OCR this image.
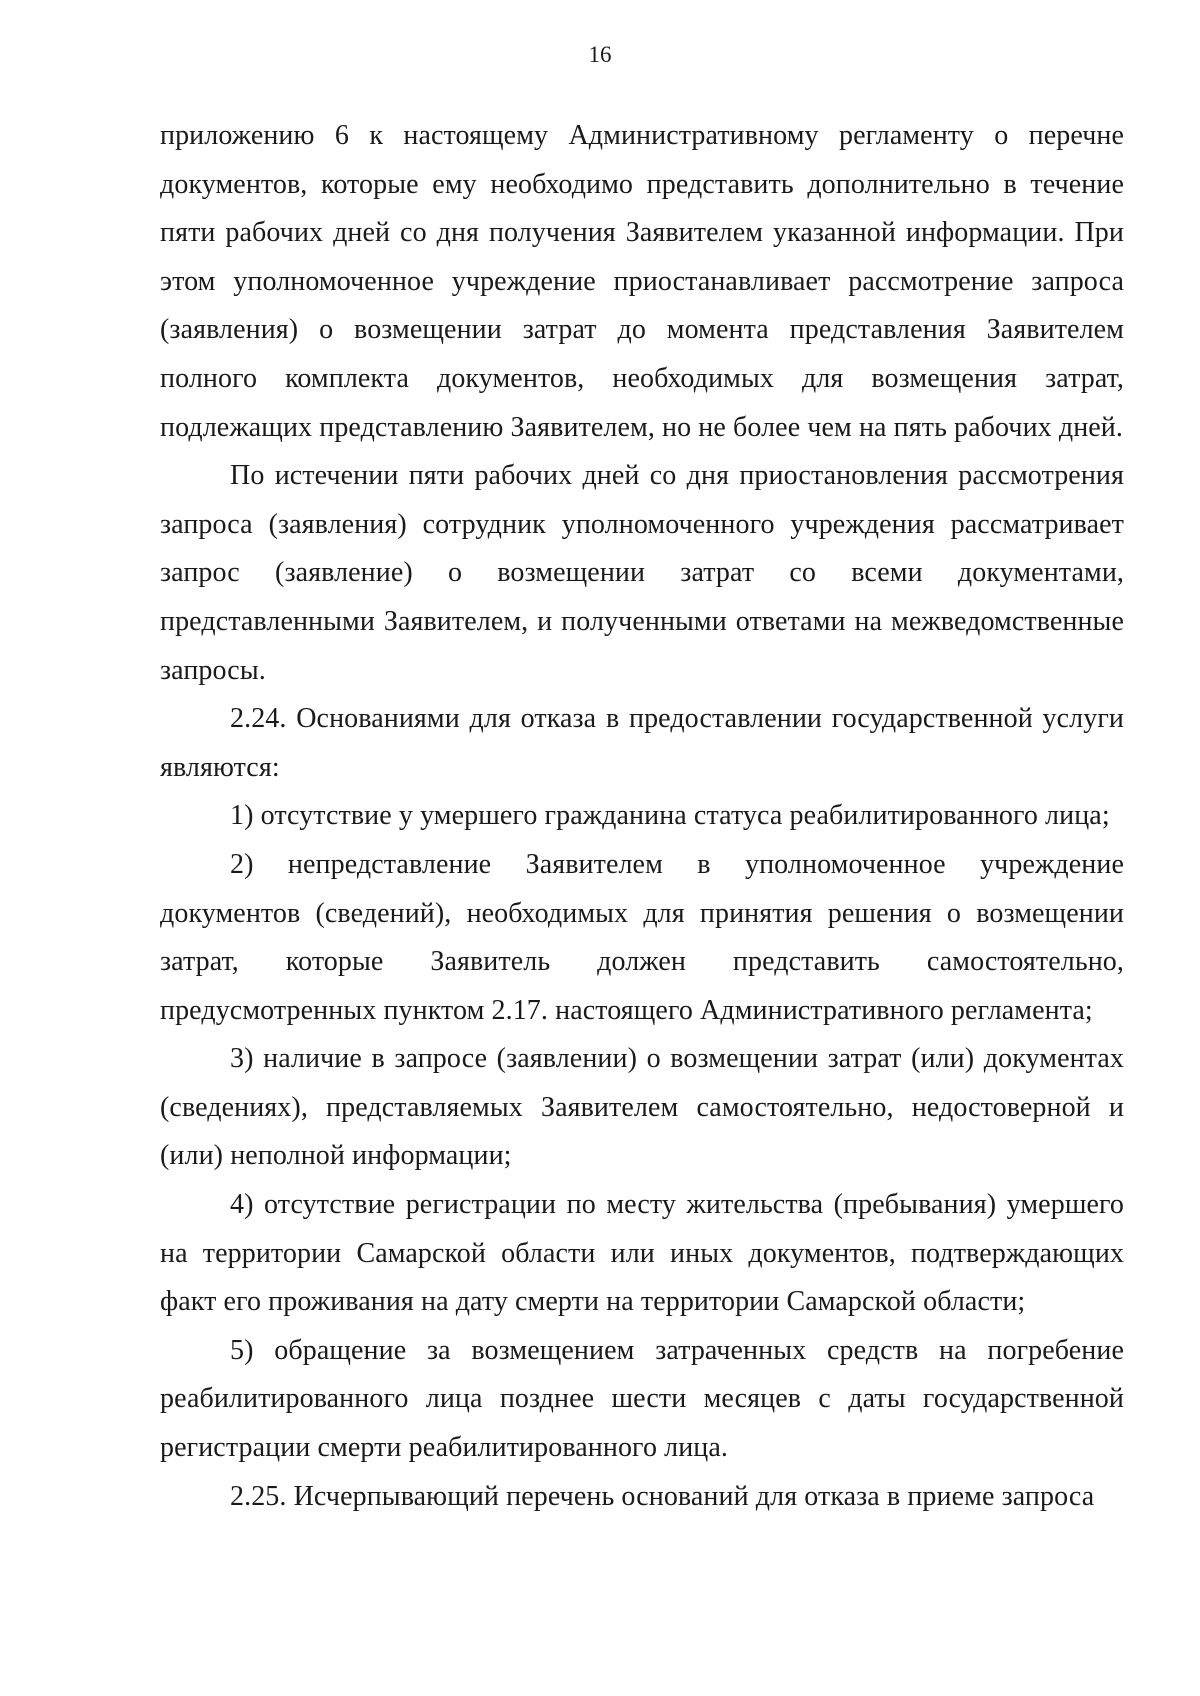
16

приложению 6 к настоящему Административному регламенту о перечне документов, которые ему необходимо представить дополнительно в течение пяти рабочих дней со дня получения Заявителем указанной информации. При этом уполномоченное учреждение приостанавливает рассмотрение запроса (заявления) о возмещении затрат до момента представления Заявителем полного комплекта документов, необходимых для возмещения затрат, подлежащих представлению Заявителем, но не более чем на пять рабочих дней.

По истечении пяти рабочих дней со дня приостановления рассмотрения запроса (заявления) сотрудник уполномоченного учреждения рассматривает запрос (заявление) о возмещении затрат со всеми документами, представленными Заявителем, и полученными ответами на межведомственные запросы.

2.24. Основаниями для отказа в предоставлении государственной услуги являются:

1) отсутствие у умершего гражданина статуса реабилитированного лица;

2) непредставление Заявителем в уполномоченное учреждение документов (сведений), необходимых для принятия решения о возмещении затрат, которые Заявитель должен представить самостоятельно, предусмотренных пунктом 2.17. настоящего Административного регламента;

3) наличие в запросе (заявлении) о возмещении затрат (или) документах (сведениях), представляемых Заявителем самостоятельно, недостоверной и (или) неполной информации;

4) отсутствие регистрации по месту жительства (пребывания) умершего на территории Самарской области или иных документов, подтверждающих факт его проживания на дату смерти на территории Самарской области;

5) обращение за возмещением затраченных средств на погребение реабилитированного лица позднее шести месяцев с даты государственной регистрации смерти реабилитированного лица.

2.25. Исчерпывающий перечень оснований для отказа в приеме запроса
